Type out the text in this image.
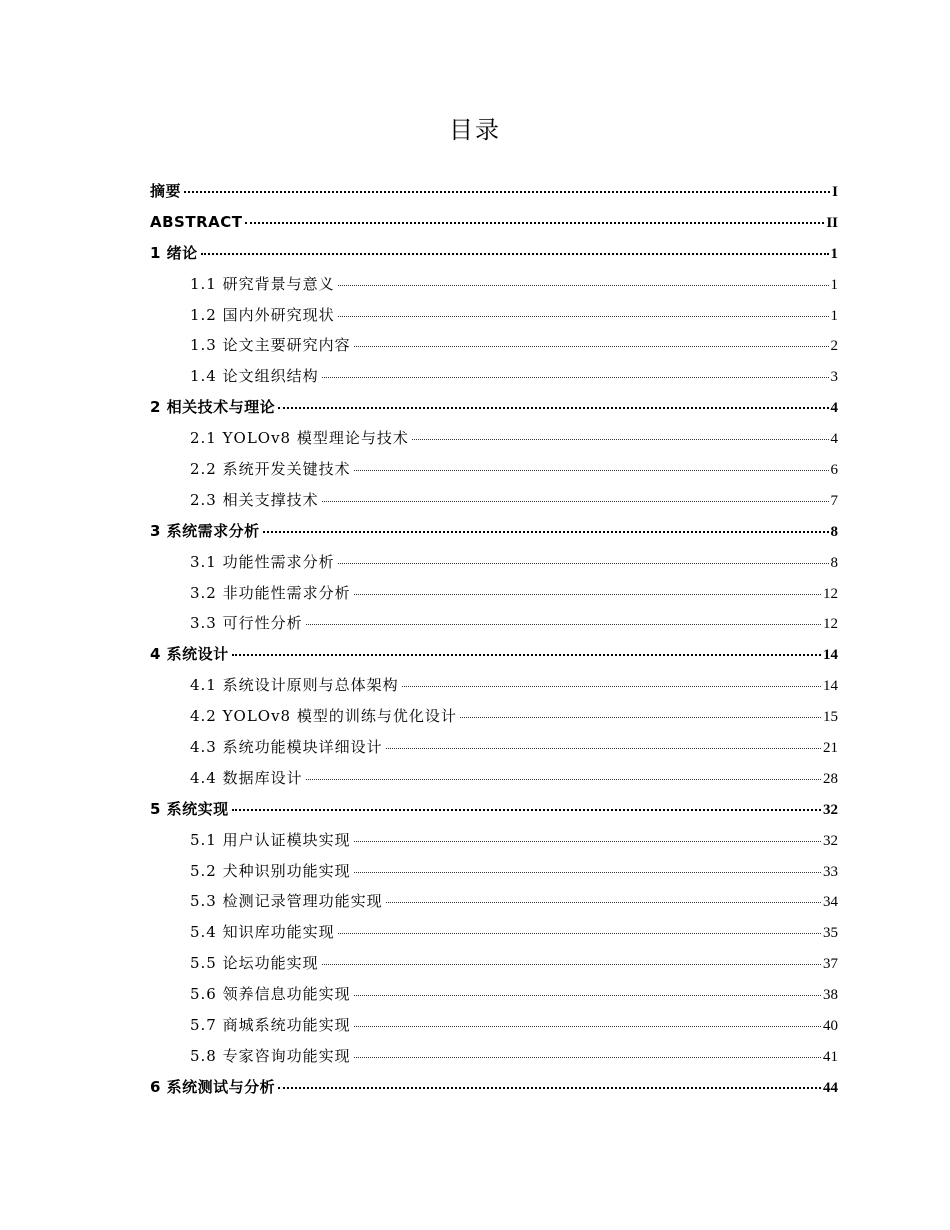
目录
摘要	I
ABSTRACT	II
1 绪论	1
1.1 研究背景与意义	1
1.2 国内外研究现状	1
1.3 论文主要研究内容	2
1.4 论文组织结构	3
2 相关技术与理论	4
2.1 YOLOv8 模型理论与技术	4
2.2 系统开发关键技术	6
2.3 相关支撑技术	7
3 系统需求分析	8
3.1 功能性需求分析	8
3.2 非功能性需求分析	12
3.3 可行性分析	12
4 系统设计	14
4.1 系统设计原则与总体架构	14
4.2 YOLOv8 模型的训练与优化设计	15
4.3 系统功能模块详细设计	21
4.4 数据库设计	28
5 系统实现	32
5.1 用户认证模块实现	32
5.2 犬种识别功能实现	33
5.3 检测记录管理功能实现	34
5.4 知识库功能实现	35
5.5 论坛功能实现	37
5.6 领养信息功能实现	38
5.7 商城系统功能实现	40
5.8 专家咨询功能实现	41
6 系统测试与分析	44
